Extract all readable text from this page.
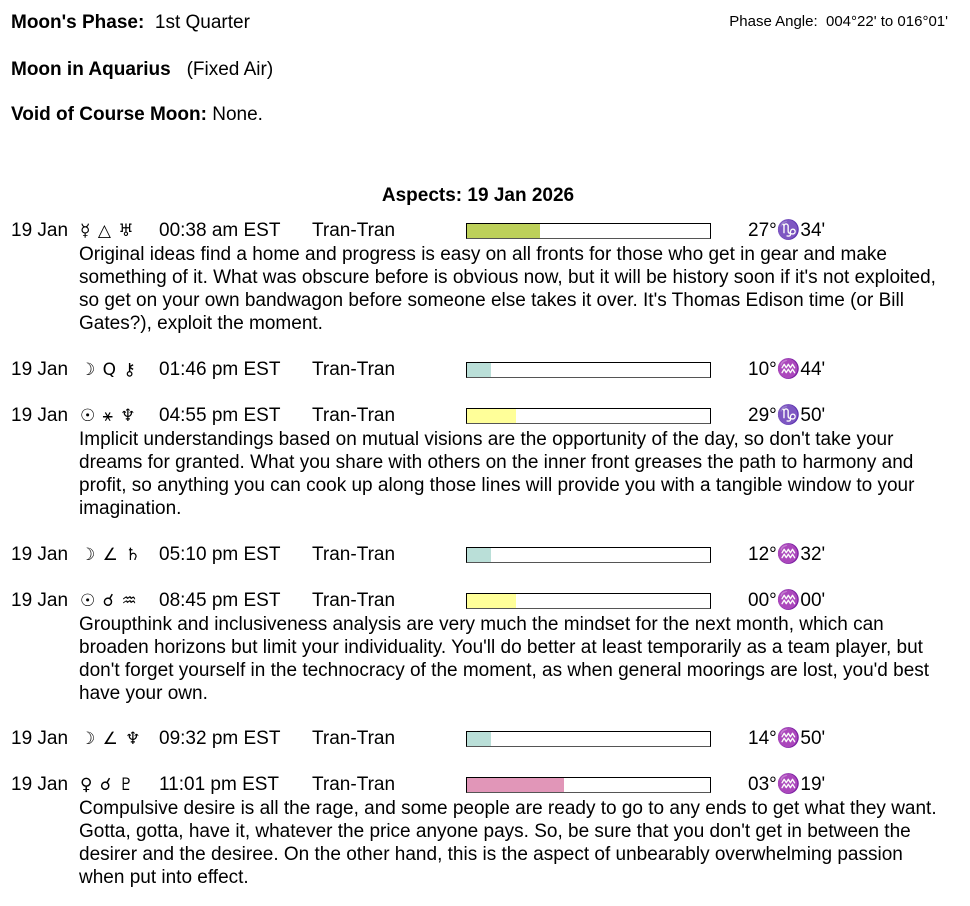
Moon's Phase: 1st Quarter	Phase Angle: 004°22' to 016°01'
Moon in Aquarius (Fixed Air)
Void of Course Moon: None.
Aspects: 19 Jan 2026
19 Jan ☿ △ ♅ 00:38 am EST Tran-Tran	27°♑34'
Original ideas find a home and progress is easy on all fronts for those who get in gear and make something of it. What was obscure before is obvious now, but it will be history soon if it's not exploited, so get on your own bandwagon before someone else takes it over. It's Thomas Edison time (or Bill Gates?), exploit the moment.
19 Jan ☽ Q ⚷ 01:46 pm EST Tran-Tran	10°♒44'
19 Jan ☉ ⚹ ♆ 04:55 pm EST Tran-Tran	29°♑50'
Implicit understandings based on mutual visions are the opportunity of the day, so don't take your dreams for granted. What you share with others on the inner front greases the path to harmony and profit, so anything you can cook up along those lines will provide you with a tangible window to your imagination.
19 Jan ☽ ∠ ♄ 05:10 pm EST Tran-Tran	12°♒32'
19 Jan ☉ ☌ ♒ 08:45 pm EST Tran-Tran	00°♒00'
Groupthink and inclusiveness analysis are very much the mindset for the next month, which can broaden horizons but limit your individuality. You'll do better at least temporarily as a team player, but don't forget yourself in the technocracy of the moment, as when general moorings are lost, you'd best have your own.
19 Jan ☽ ∠ ♆ 09:32 pm EST Tran-Tran	14°♒50'
19 Jan ♀ ☌ ♇ 11:01 pm EST Tran-Tran	03°♒19'
Compulsive desire is all the rage, and some people are ready to go to any ends to get what they want. Gotta, gotta, have it, whatever the price anyone pays. So, be sure that you don't get in between the desirer and the desiree. On the other hand, this is the aspect of unbearably overwhelming passion when put into effect.
